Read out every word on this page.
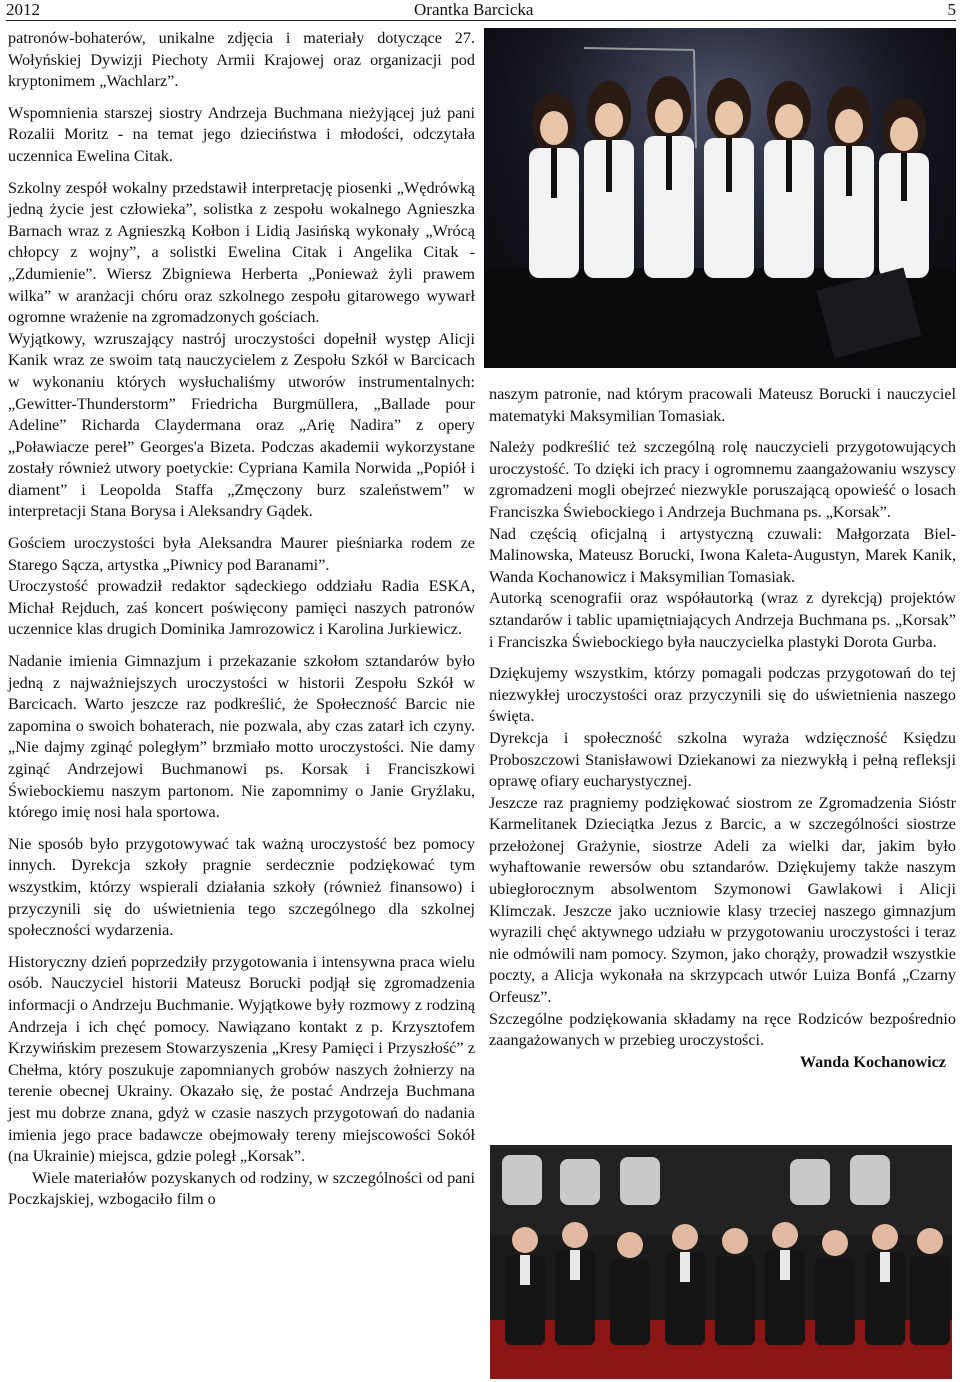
2012	Orantka Barcicka	5

patronów-bohaterów, unikalne zdjęcia i materiały dotyczące 27. Wołyńskiej Dywizji Piechoty Armii Krajowej oraz organizacji pod kryptonimem „Wachlarz”.

Wspomnienia starszej siostry Andrzeja Buchmana nieżyjącej już pani Rozalii Moritz - na temat jego dzieciństwa i młodości, odczytała uczennica Ewelina Citak.

Szkolny zespół wokalny przedstawił interpretację piosenki „Wędrówką jedną życie jest człowieka”, solistka z zespołu wokalnego Agnieszka Barnach wraz z Agnieszką Kołbon i Lidią Jasińską wykonały „Wrócą chłopcy z wojny”, a solistki Ewelina Citak i Angelika Citak - „Zdumienie”. Wiersz Zbigniewa Herberta „Ponieważ żyli prawem wilka” w aranżacji chóru oraz szkolnego zespołu gitarowego wywarł ogromne wrażenie na zgromadzonych gościach.

Wyjątkowy, wzruszający nastrój uroczystości dopełnił występ Alicji Kanik wraz ze swoim tatą nauczycielem z Zespołu Szkół w Barcicach w wykonaniu których wysłuchaliśmy utworów instrumentalnych: „Gewitter-Thunderstorm” Friedricha Burgmüllera, „Ballade pour Adeline” Richarda Claydermana oraz „Arię Nadira” z opery „Poławiacze pereł” Georges'a Bizeta. Podczas akademii wykorzystane zostały również utwory poetyckie: Cypriana Kamila Norwida „Popiół i diament” i Leopolda Staffa „Zmęczony burz szaleństwem” w interpretacji Stana Borysa i Aleksandry Gądek.

Gościem uroczystości była Aleksandra Maurer pieśniarka rodem ze Starego Sącza, artystka „Piwnicy pod Baranami”.

Uroczystość prowadził redaktor sądeckiego oddziału Radia ESKA, Michał Rejduch, zaś koncert poświęcony pamięci naszych patronów uczennice klas drugich Dominika Jamrozowicz i Karolina Jurkiewicz.

Nadanie imienia Gimnazjum i przekazanie szkołom sztandarów było jedną z najważniejszych uroczystości w historii Zespołu Szkół w Barcicach. Warto jeszcze raz podkreślić, że Społeczność Barcic nie zapomina o swoich bohaterach, nie pozwala, aby czas zatarł ich czyny. „Nie dajmy zginąć poległym” brzmiało motto uroczystości. Nie damy zginąć Andrzejowi Buchmanowi ps. Korsak i Franciszkowi Świebockiemu naszym partonom. Nie zapomnimy o Janie Gryźlaku, którego imię nosi hala sportowa.

Nie sposób było przygotowywać tak ważną uroczystość bez pomocy innych. Dyrekcja szkoły pragnie serdecznie podziękować tym wszystkim, którzy wspierali działania szkoły (również finansowo) i przyczynili się do uświetnienia tego szczególnego dla szkolnej społeczności wydarzenia.

Historyczny dzień poprzedziły przygotowania i intensywna praca wielu osób. Nauczyciel historii Mateusz Borucki podjął się zgromadzenia informacji o Andrzeju Buchmanie. Wyjątkowe były rozmowy z rodziną Andrzeja i ich chęć pomocy. Nawiązano kontakt z p. Krzysztofem Krzywińskim prezesem Stowarzyszenia „Kresy Pamięci i Przyszłość” z Chełma, który poszukuje zapomnianych grobów naszych żołnierzy na terenie obecnej Ukrainy. Okazało się, że postać Andrzeja Buchmana jest mu dobrze znana, gdyż w czasie naszych przygotowań do nadania imienia jego prace badawcze obejmowały tereny miejscowości Sokół (na Ukrainie) miejsca, gdzie poległ „Korsak”.

Wiele materiałów pozyskanych od rodziny, w szczególności od pani Poczkajskiej, wzbogaciło film o

naszym patronie, nad którym pracowali Mateusz Borucki i nauczyciel matematyki Maksymilian Tomasiak.

Należy podkreślić też szczególną rolę nauczycieli przygotowujących uroczystość. To dzięki ich pracy i ogromnemu zaangażowaniu wszyscy zgromadzeni mogli obejrzeć niezwykle poruszającą opowieść o losach Franciszka Świebockiego i Andrzeja Buchmana ps. „Korsak”.

Nad częścią oficjalną i artystyczną czuwali: Małgorzata Biel-Malinowska, Mateusz Borucki, Iwona Kaleta-Augustyn, Marek Kanik, Wanda Kochanowicz i Maksymilian Tomasiak.

Autorką scenografii oraz współautorką (wraz z dyrekcją) projektów sztandarów i tablic upamiętniających Andrzeja Buchmana ps. „Korsak” i Franciszka Świebockiego była nauczycielka plastyki Dorota Gurba.

Dziękujemy wszystkim, którzy pomagali podczas przygotowań do tej niezwykłej uroczystości oraz przyczynili się do uświetnienia naszego święta.

Dyrekcja i społeczność szkolna wyraża wdzięczność Księdzu Proboszczowi Stanisławowi Dziekanowi za niezwykłą i pełną refleksji oprawę ofiary eucharystycznej.

Jeszcze raz pragniemy podziękować siostrom ze Zgromadzenia Sióstr Karmelitanek Dzieciątka Jezus z Barcic, a w szczególności siostrze przełożonej Grażynie, siostrze Adeli za wielki dar, jakim było wyhaftowanie rewersów obu sztandarów. Dziękujemy także naszym ubiegłorocznym absolwentom Szymonowi Gawlakowi i Alicji Klimczak. Jeszcze jako uczniowie klasy trzeciej naszego gimnazjum wyrazili chęć aktywnego udziału w przygotowaniu uroczystości i teraz nie odmówili nam pomocy. Szymon, jako chorąży, prowadził wszystkie poczty, a Alicja wykonała na skrzypcach utwór Luiza Bonfá „Czarny Orfeusz”.

Szczególne podziękowania składamy na ręce Rodziców bezpośrednio zaangażowanych w przebieg uroczystości.

Wanda Kochanowicz
